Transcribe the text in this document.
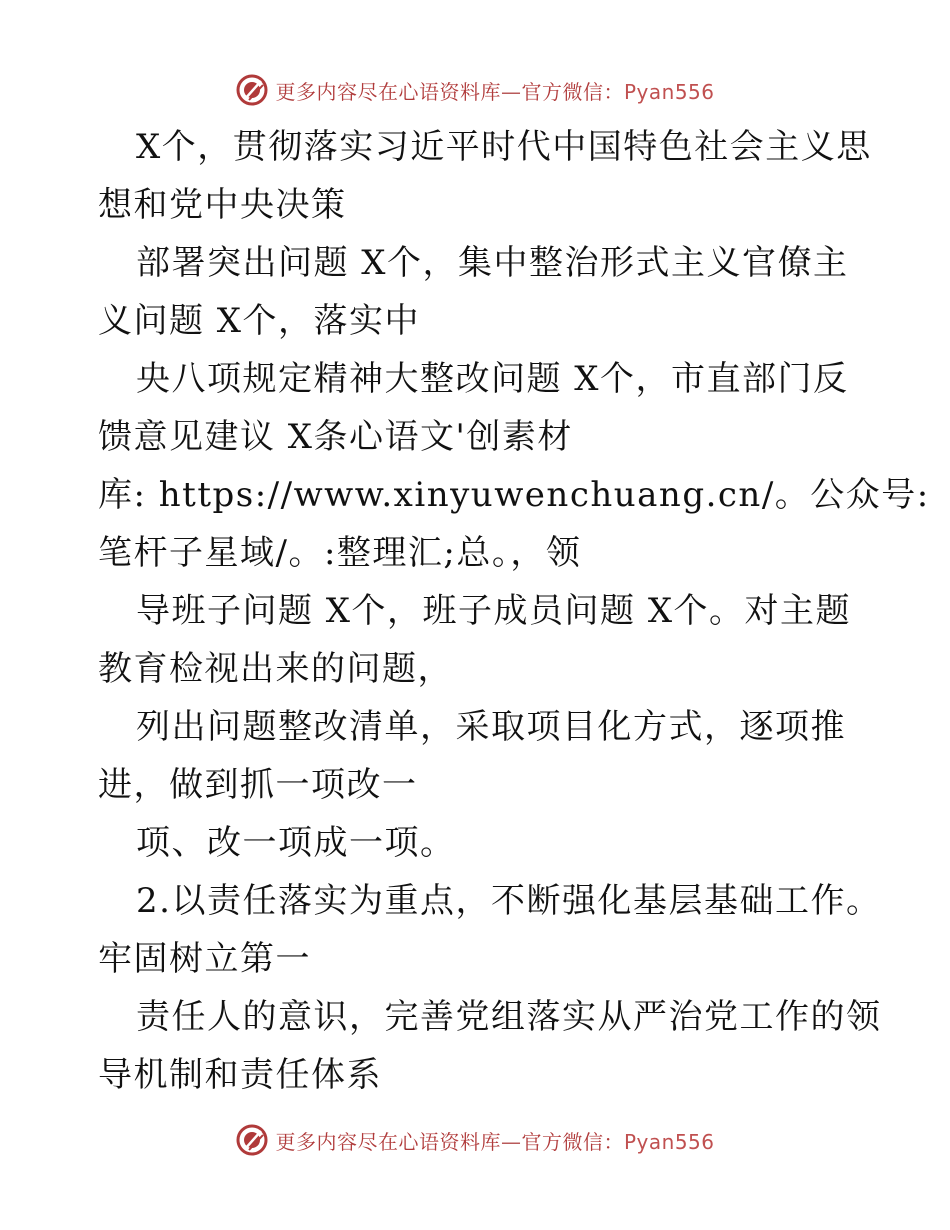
更多内容尽在心语资料库—官方微信：Pyan556
X个，贯彻落实习近平时代中国特色社会主义思
想和党中央决策
部署突出问题 X个，集中整治形式主义官僚主
义问题 X个，落实中
央八项规定精神大整改问题 X个，市直部门反
馈意见建议 X条心语文'创素材
库: https://www.xinyuwenchuang.cn/。公众号:
笔杆子星域/。:整理汇;总。，领
导班子问题 X个，班子成员问题 X个。对主题
教育检视出来的问题，
列出问题整改清单，采取项目化方式，逐项推
进，做到抓一项改一
项、改一项成一项。
2.以责任落实为重点，不断强化基层基础工作。
牢固树立第一
责任人的意识，完善党组落实从严治党工作的领
导机制和责任体系
更多内容尽在心语资料库—官方微信：Pyan556
